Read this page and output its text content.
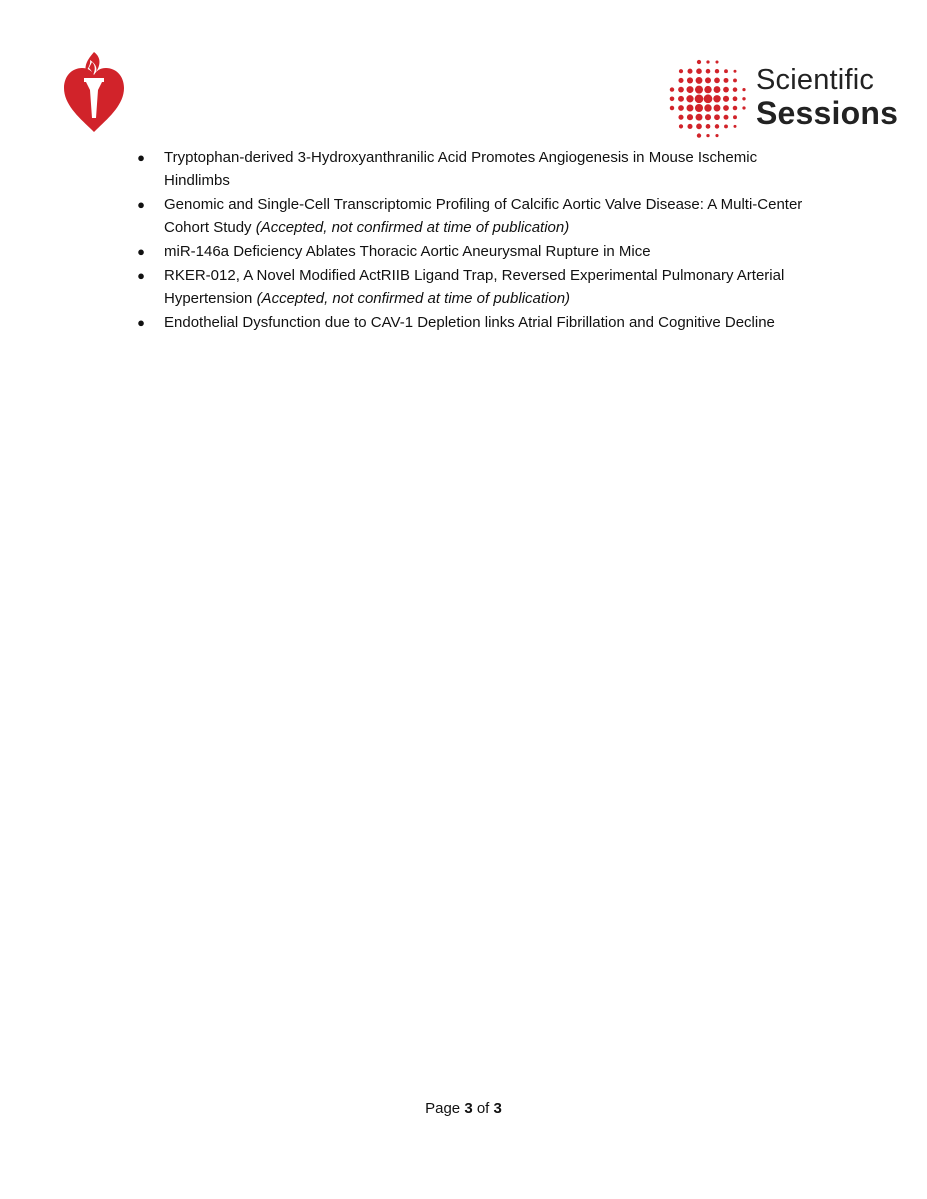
Scientific
Sessions
● Tryptophan-derived 3-Hydroxyanthranilic Acid Promotes Angiogenesis in Mouse Ischemic Hindlimbs
● Genomic and Single-Cell Transcriptomic Profiling of Calcific Aortic Valve Disease: A Multi-Center Cohort Study (Accepted, not confirmed at time of publication)
● miR-146a Deficiency Ablates Thoracic Aortic Aneurysmal Rupture in Mice
● RKER-012, A Novel Modified ActRIIB Ligand Trap, Reversed Experimental Pulmonary Arterial Hypertension (Accepted, not confirmed at time of publication)
● Endothelial Dysfunction due to CAV-1 Depletion links Atrial Fibrillation and Cognitive Decline
Page 3 of 3
